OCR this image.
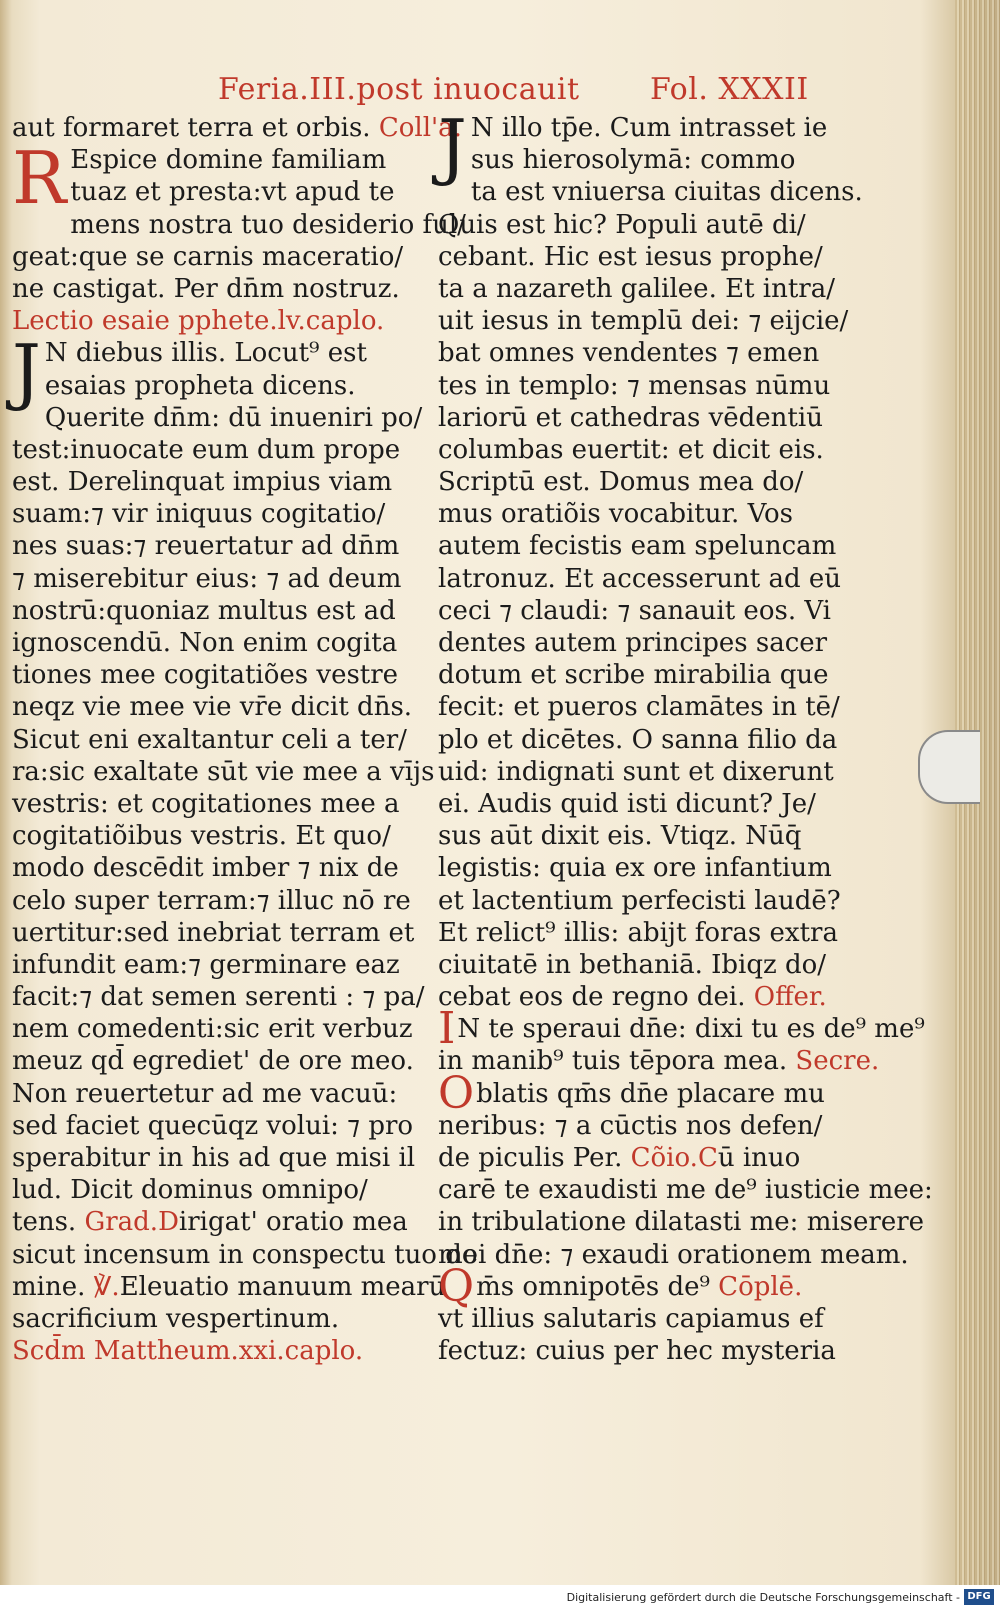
Feria.III.post inuocauit Fol. XXXII
aut formaret terra et orbis. Coll'a.
R Espice domine familiam
tuaz et presta:vt apud te
mens nostra tuo desiderio ful/
geat:que se carnis maceratio/
ne castigat. Per dn̄m nostruz.
Lectio esaie pphete.lv.caplo.
J N diebus illis. Locut⁹ est
esaias propheta dicens.
Querite dn̄m: dū inueniri po/
test:inuocate eum dum prope
est. Derelinquat impius viam
suam:⁊ vir iniquus cogitatio/
nes suas:⁊ reuertatur ad dn̄m
⁊ miserebitur eius: ⁊ ad deum
nostrū:quoniaz multus est ad
ignoscendū. Non enim cogita
tiones mee cogitatiões vestre
neqz vie mee vie vr̄e dicit dn̄s.
Sicut eni exaltantur celi a ter/
ra:sic exaltate sūt vie mee a vījs
vestris: et cogitationes mee a
cogitatiõibus vestris. Et quo/
modo descēdit imber ⁊ nix de
celo super terram:⁊ illuc nō re
uertitur:sed inebriat terram et
infundit eam:⁊ germinare eaz
facit:⁊ dat semen serenti : ⁊ pa/
nem comedenti:sic erit verbuz
meuz qd̄ egrediet' de ore meo.
Non reuertetur ad me vacuū:
sed faciet quecūqz volui: ⁊ pro
sperabitur in his ad que misi il
lud. Dicit dominus omnipo/
tens. Grad.Dirigat' oratio mea
sicut incensum in conspectu tuo do
mine. ℣.Eleuatio manuum mearū
sacrificium vespertinum.
Scd̄m Mattheum.xxi.caplo.
J N illo tp̄e. Cum intrasset ie
sus hierosolymā: commo
ta est vniuersa ciuitas dicens.
Quis est hic? Populi autē di/
cebant. Hic est iesus prophe/
ta a nazareth galilee. Et intra/
uit iesus in templū dei: ⁊ eijcie/
bat omnes vendentes ⁊ emen
tes in templo: ⁊ mensas nūmu
lariorū et cathedras vēdentiū
columbas euertit: et dicit eis.
Scriptū est. Domus mea do/
mus oratiõis vocabitur. Vos
autem fecistis eam speluncam
latronuz. Et accesserunt ad eū
ceci ⁊ claudi: ⁊ sanauit eos. Vi
dentes autem principes sacer
dotum et scribe mirabilia que
fecit: et pueros clamātes in tē/
plo et dicētes. O sanna filio da
uid: indignati sunt et dixerunt
ei. Audis quid isti dicunt? Je/
sus aūt dixit eis. Vtiqz. Nūq̄
legistis: quia ex ore infantium
et lactentium perfecisti laudē?
Et relict⁹ illis: abijt foras extra
ciuitatē in bethaniā. Ibiqz do/
cebat eos de regno dei. Offer.
I N te speraui dn̄e: dixi tu es de⁹ me⁹
in manib⁹ tuis tēpora mea. Secre.
Oblatis qm̄s dn̄e placare mu
neribus: ⁊ a cūctis nos defen/
de piculis Per. Cõio.Cū inuo
carē te exaudisti me de⁹ iusticie mee:
in tribulatione dilatasti me: miserere
mei dn̄e: ⁊ exaudi orationem meam.
Qm̄s omnipotēs de⁹ Cōplē.
vt illius salutaris capiamus ef
fectuz: cuius per hec mysteria
Digitalisierung gefördert durch die Deutsche Forschungsgemeinschaft - DFG
